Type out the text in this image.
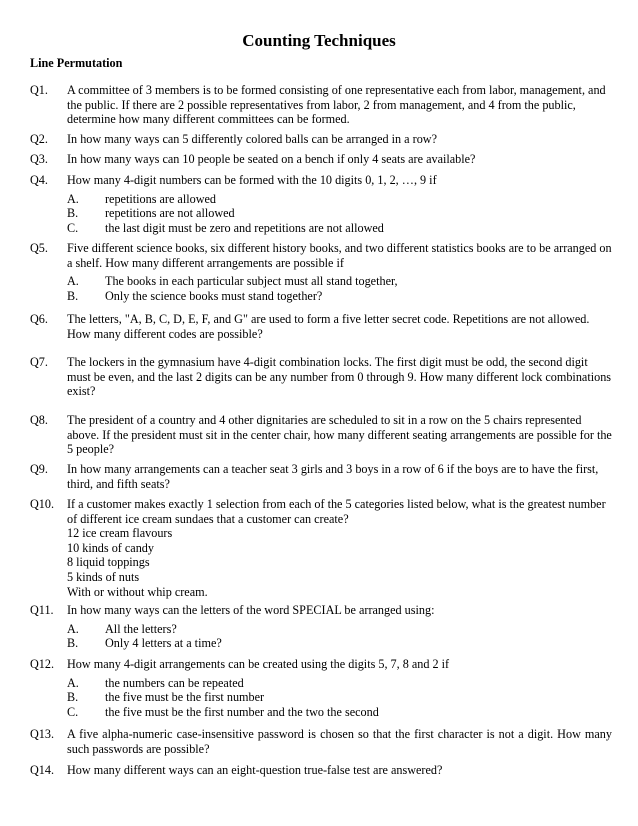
Counting Techniques
Line Permutation
Q1. A committee of 3 members is to be formed consisting of one representative each from labor, management, and the public. If there are 2 possible representatives from labor, 2 from management, and 4 from the public, determine how many different committees can be formed.
Q2. In how many ways can 5 differently colored balls can be arranged in a row?
Q3. In how many ways can 10 people be seated on a bench if only 4 seats are available?
Q4. How many 4-digit numbers can be formed with the 10 digits 0, 1, 2, …, 9 if
A. repetitions are allowed
B. repetitions are not allowed
C. the last digit must be zero and repetitions are not allowed
Q5. Five different science books, six different history books, and two different statistics books are to be arranged on a shelf. How many different arrangements are possible if
A. The books in each particular subject must all stand together,
B. Only the science books must stand together?
Q6. The letters, "A, B, C, D, E, F, and G" are used to form a five letter secret code. Repetitions are not allowed. How many different codes are possible?
Q7. The lockers in the gymnasium have 4-digit combination locks. The first digit must be odd, the second digit must be even, and the last 2 digits can be any number from 0 through 9. How many different lock combinations exist?
Q8. The president of a country and 4 other dignitaries are scheduled to sit in a row on the 5 chairs represented above. If the president must sit in the center chair, how many different seating arrangements are possible for the 5 people?
Q9. In how many arrangements can a teacher seat 3 girls and 3 boys in a row of 6 if the boys are to have the first, third, and fifth seats?
Q10. If a customer makes exactly 1 selection from each of the 5 categories listed below, what is the greatest number of different ice cream sundaes that a customer can create?
12 ice cream flavours
10 kinds of candy
8 liquid toppings
5 kinds of nuts
With or without whip cream.
Q11. In how many ways can the letters of the word SPECIAL be arranged using:
A. All the letters?
B. Only 4 letters at a time?
Q12. How many 4-digit arrangements can be created using the digits 5, 7, 8 and 2 if
A. the numbers can be repeated
B. the five must be the first number
C. the five must be the first number and the two the second
Q13. A five alpha-numeric case-insensitive password is chosen so that the first character is not a digit. How many such passwords are possible?
Q14. How many different ways can an eight-question true-false test are answered?
